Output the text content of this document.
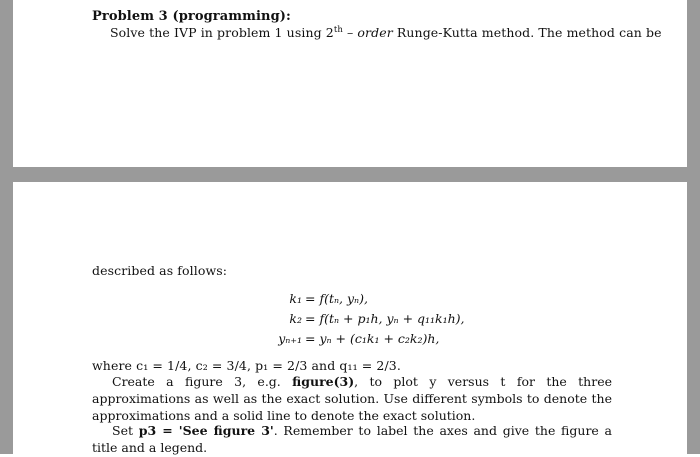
Problem 3 (programming):
Solve the IVP in problem 1 using 2th – order Runge-Kutta method. The method can be
described as follows:
k₁ = f(tₙ, yₙ),
k₂ = f(tₙ + p₁h, yₙ + q₁₁k₁h),
yₙ₊₁ = yₙ + (c₁k₁ + c₂k₂)h,
where c₁ = 1/4, c₂ = 3/4, p₁ = 2/3 and q₁₁ = 2/3.
Create a figure 3, e.g. figure(3), to plot y versus t for the three approximations as well as the exact solution. Use different symbols to denote the approximations and a solid line to denote the exact solution.
Set p3 = 'See figure 3'. Remember to label the axes and give the figure a title and a legend.
